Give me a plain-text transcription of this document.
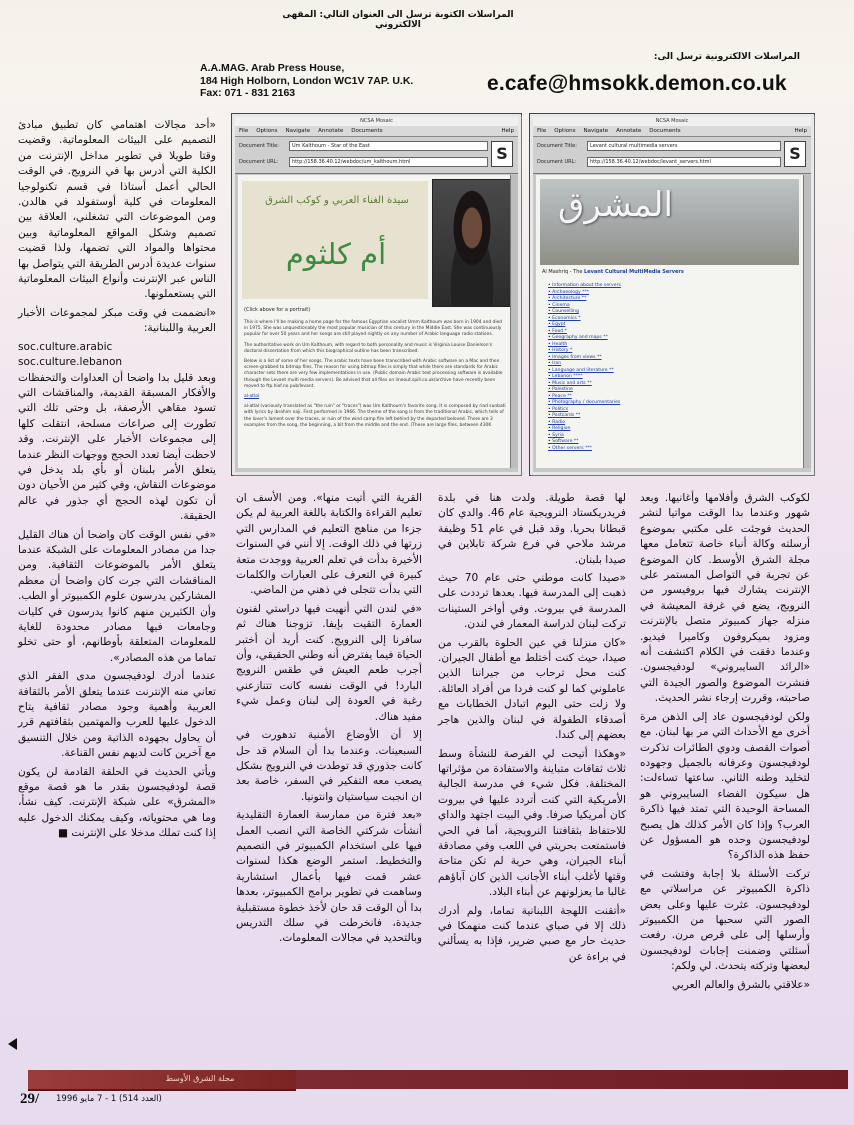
المراسلات الكتوبة ترسل الى العنوان التالي: المقهى الالكتروني
A.A.MAG. Arab Press House,
184 High Holborn, London WC1V 7AP. U.K.
Fax: 071 - 831 2163
المراسلات الالكترونية ترسل الى:
e.cafe@hmsokk.demon.co.uk
NCSA Mosaic
File Options Navigate Annotate Documents	Help
Document Title:	Um Kalthoum - Star of the East
Document URL:	http://158.36.40.12/webdoc/um_kalthoum.html	S
سيدة الغناء العربي و كوكب الشرق
أم كلثوم
(Click above for a portrait)

This is where I'll be making a home page for the famous Egyptian vocalist Umm Kalthoum was born in 1904 and died in 1975. She was unquestionably the most popular musician of this century in the Middle East. She was continuously popular for over 50 years and her songs are still played nightly on any number of Arabic language radio stations.

The authoritative work on Um Kalthoum, with regard to both personality and music is Virginia Louise Danielson's doctoral dissertation from which this biographical outline has been transcribed.

Below is a list of some of her songs. The arabic texts have been transcribed with Arabic software on a Mac and then screen-grabbed to bitmap files. The reason for using bitmap files is simply that while there are standards for Arabic character sets there are very few implementations in use. (Public domain Arabic text processing software is available through the Levant multi media servers). Be advised that all files on lineout.spill.co.uk/archive have recently been moved to ftp.hiof.no pub/levant.

al-atlal

al-atlal (variously translated as "the ruin" or "traces") was Um Kalthoum's favorite song. It is composed by riad sunbati with lyrics by ibrahim naji. First performed in 1966. The theme of the song is from the traditional Arabic, which tells of the lover's lament over the traces, or ruin of the wind camp fire left behind by the departed beloved. There are 3 examples from the song, the beginning, a bit from the middle and the end. (These are large files, between 430K

NCSA Mosaic
File Options Navigate Annotate Documents	Help
Document Title:	Levant cultural multimedia servers
Document URL:	http://158.36.40.12/webdoc/levant_servers.html	S
المشرق
Al Mashriq - The Levant Cultural MultiMedia Servers
• Information about the servers
• Archaeology ***
• Architecture **
• Cinema
• Counselling
• Economics *
• Egypt
• Food *
• Geography and maps **
• Health
• History *
• Images from views **
• Iran
• Language and literature **
• Lebanon ****
• Music and arts **
• Palestine
• Peace **
• Photography / documentaries
• Politics
• Postcards **
• Radio
• Religion
• Syria
• Software **
• Other servers ***

«أحد مجالات اهتمامي كان تطبيق مبادئ التصميم على البيئات المعلوماتية. وقضيت وقتا طويلا في تطوير مداخل الإنترنت من الكلية التي أدرس بها في النرويج. في الوقت الحالي أعمل أستاذا في قسم تكنولوجيا المعلومات في كلية أوستفولد في هالدن. ومن الموضوعات التي تشغلني، العلاقة بين تصميم وشكل المواقع المعلوماتية وبين محتواها والمواد التي تضمها، ولذا قضيت سنوات عديدة أدرس الطريقة التي يتواصل بها الناس عبر الإنترنت وأنواع البيئات المعلوماتية التي يستعملونها.

«انضممت في وقت مبكر لمجموعات الأخبار العربية واللبنانية:

soc.culture.arabic
soc.culture.lebanon

وبعد قليل بدا واضحا أن العداوات والتحفظات والأفكار المسبقة القديمة، والمناقشات التي تسود مقاهي الأرصفة، بل وحتى تلك التي تطورت إلى صراعات مسلحة، انتقلت كلها إلى مجموعات الأخبار على الإنترنت. وقد لاحظت أيضا تعدد الحجج ووجهات النظر عندما يتعلق الأمر بلبنان أو بأي بلد يدخل في موضوعات النقاش، وفي كثير من الأحيان دون أن تكون لهذه الحجج أي جذور في عالم الحقيقة.

«في نفس الوقت كان واضحا أن هناك القليل جدا من مصادر المعلومات على الشبكة عندما يتعلق الأمر بالموضوعات الثقافية. ومن المناقشات التي جرت كان واضحا أن معظم المشاركين يدرسون علوم الكمبيوتر أو الطب. وأن الكثيرين منهم كانوا يدرسون في كليات وجامعات فيها مصادر محدودة للغاية للمعلومات المتعلقة بأوطانهم، أو حتى تخلو تماما من هذه المصادر».

عندما أدرك لودفيجسون مدى الفقر الذي تعاني منه الإنترنت عندما يتعلق الأمر بالثقافة العربية وأهمية وجود مصادر ثقافية يتاح الدخول عليها للعرب والمهتمين بثقافتهم قرر أن يحاول بجهوده الذاتية ومن خلال التنسيق مع آخرين كانت لديهم نفس القناعة.

ويأتي الحديث في الحلقة القادمة لن يكون قصة لودفيجسون بقدر ما هو قصة موقع «المشرق» على شبكة الإنترنت. كيف نشأ، وما هي محتوياته، وكيف يمكنك الدخول عليه إذا كنت تملك مدخلا على الإنترنت ■

القرية التي أتيت منها». ومن الأسف ان تعليم القراءة والكتابة باللغة العربية لم يكن جزءا من مناهج التعليم في المدارس التي زرتها في ذلك الوقت. إلا أنني في السنوات الأخيرة بدأت في تعلم العربية ووجدت متعة كبيرة في التعرف على العبارات والكلمات التي بدأت تتجلى في ذهني من الماضي.

«في لندن التي أنهيت فيها دراستي لفنون العمارة التقيت بإيفا. تزوجنا هناك ثم سافرنا إلى النرويج. كنت أريد أن أختبر الحياة فيما يفترض أنه وطني الحقيقي، وأن أجرب طعم العيش في طقس النرويج البارد! في الوقت نفسه كانت تتنازعني رغبة في العودة إلى لبنان وعمل شيء مفيد هناك.

إلا أن الأوضاع الأمنية تدهورت في السبعينات. وعندما بدا أن السلام قد حل كانت جذوري قد توطدت في النرويج بشكل يصعب معه التفكير في السفر، خاصة بعد ان انجبت سياستيان وانتونيا.

«بعد فترة من ممارسة العمارة التقليدية أنشأت شركتي الخاصة التي انصب العمل فيها على استخدام الكمبيوتر في التصميم والتخطيط. استمر الوضع هكذا لسنوات عشر قمت فيها بأعمال استشارية وساهمت في تطوير برامج الكمبيوتر، بعدها بدا أن الوقت قد حان لأخذ خطوة مستقبلية جديدة، فانخرطت في سلك التدريس وبالتحديد في مجالات المعلومات.

لها قصة طويلة. ولدت هنا في بلدة فريدريكستاد النرويجية عام 46. والدي كان قبطانا بحريا. وقد قبل في عام 51 وظيفة مرشد ملاحي في فرع شركة تابلاين في صيدا بلبنان.

«صيدا كانت موطني حتى عام 70 حيث ذهبت إلى المدرسة فيها. بعدها ترددت على المدرسة في بيروت. وفي أواخر الستينات تركت لبنان لدراسة المعمار في لندن.

«كان منزلنا في عين الحلوة بالقرب من صيدا، حيث كنت أختلط مع أطفال الجيران. كنت محل ترحاب من جيراننا الذين عاملوني كما لو كنت فردا من أفراد العائلة. ولا زلت حتى اليوم اتبادل الخطابات مع أصدقاء الطفولة في لبنان والذين هاجر بعضهم إلى كندا.

«وهكذا أتيحت لي الفرصة للنشأة وسط ثلاث ثقافات متباينة والاستفادة من مؤثراتها المختلفة. فكل شيء في مدرسة الجالية الأمريكية التي كنت أتردد عليها في بيروت كان أمريكيا صرفا. وفي البيت اجتهد والداي للاحتفاظ بثقافتنا النرويجية، أما في الحي فاستمتعت بحريتي في اللعب وفي مصادقة أبناء الجيران، وهي حرية لم تكن متاحة وقتها لأغلب أبناء الأجانب الذين كان آباؤهم غالبا ما يعزلونهم عن أبناء البلاد.

«أتقنت اللهجة اللبنانية تماما، ولم أدرك ذلك إلا في صباي عندما كنت منهمكا في حديث حار مع صبي ضرير، فإذا به يسألني في براءة عن

لكوكب الشرق وأفلامها وأغانيها. وبعد شهور وعندما بدا الوقت مواتيا لنشر الحديث فوجئت على مكتبي بموضوع أرسلته وكالة أنباء خاصة تتعامل معها مجلة الشرق الأوسط. كان الموضوع عن تجربة في التواصل المستمر على الإنترنت يشارك فيها بروفيسور من النرويج، يضع في غرفة المعيشة في منزله جهاز كمبيوتر متصل بالإنترنت ومزود بميكروفون وكاميرا فيديو. وعندما دققت في الكلام اكتشفت أنه «الرائد السايبروني» لودفيجسون. فنشرت الموضوع والصور الجيدة التي صاحبته، وقررت إرجاء نشر الحديث.

ولكن لودفيجسون عاد إلى الذهن مرة أخرى مع الأحداث التي مر بها لبنان. مع أصوات القصف ودوي الطائرات تذكرت لودفيجسون وعرفانه بالجميل وجهوده لتخليد وطنه الثاني. ساعتها تساءلت: هل سيكون الفضاء السايبروني هو المساحة الوحيدة التي تمتد فيها ذاكرة العرب؟ وإذا كان الأمر كذلك هل يصبح لودفيجسون وحده هو المسؤول عن حفظ هذه الذاكرة؟

تركت الأسئلة بلا إجابة وفتشت في ذاكرة الكمبيوتر عن مراسلاتي مع لودفيجسون. عثرت عليها وعلى بعض الصور التي سحبها من الكمبيوتر وأرسلها إلى على قرص مرن. رفعت أسئلتي وضمنت إجابات لودفيجسون لبعضها وتركته يتحدث. لي ولكم:

«علاقتي بالشرق والعالم العربي

مجلة الشرق الأوسط
29/ (العدد 514) 1 - 7 مايو 1996
